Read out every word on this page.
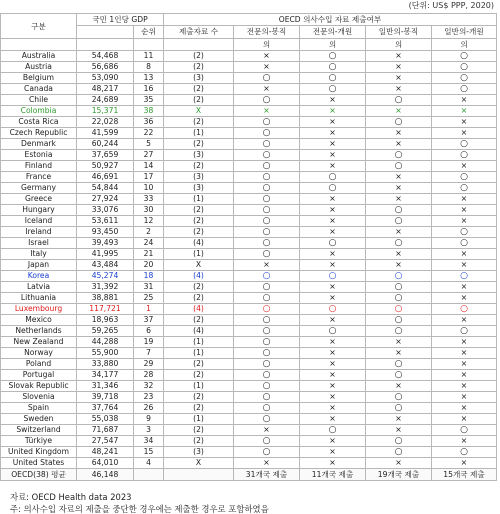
(단위: US$ PPP, 2020)
구분	국민 1인당 GDP		OECD 의사수입 자료 제출여부				
		순위	제출자료 수	전문의-봉직	전문의-개원	일반의-봉직	일반의-개원
				의	의	의	의
Australia	54,468	11	(2)	×	○	×	○
Austria	56,686	8	(2)	×	○	×	○
Belgium	53,090	13	(3)	○	○	×	○
Canada	48,217	16	(2)	×	○	×	○
Chile	24,689	35	(2)	○	×	○	×
Colombia	15,371	38	X	×	×	×	×
Costa Rica	22,028	36	(2)	○	×	○	×
Czech Republic	41,599	22	(1)	○	×	×	×
Denmark	60,244	5	(2)	○	×	×	○
Estonia	37,659	27	(3)	○	×	○	○
Finland	50,927	14	(2)	○	×	○	×
France	46,691	17	(3)	○	○	×	○
Germany	54,844	10	(3)	○	○	×	○
Greece	27,924	33	(1)	○	×	×	×
Hungary	33,076	30	(2)	○	×	○	×
Iceland	53,611	12	(2)	○	×	○	×
Ireland	93,450	2	(2)	○	×	×	○
Israel	39,493	24	(4)	○	○	○	○
Italy	41,995	21	(1)	○	×	×	×
Japan	43,484	20	X	×	×	×	×
Korea	45,274	18	(4)	○	○	○	○
Latvia	31,392	31	(2)	○	×	○	×
Lithuania	38,881	25	(2)	○	×	○	×
Luxembourg	117,721	1	(4)	○	○	○	○
Mexico	18,963	37	(2)	○	×	○	×
Netherlands	59,265	6	(4)	○	○	○	○
New Zealand	44,288	19	(1)	○	×	×	×
Norway	55,900	7	(1)	○	×	×	×
Poland	33,880	29	(2)	○	×	○	×
Portugal	34,177	28	(2)	○	×	○	×
Slovak Republic	31,346	32	(1)	○	×	×	×
Slovenia	39,718	23	(2)	○	×	○	×
Spain	37,764	26	(2)	○	×	○	×
Sweden	55,038	9	(1)	○	×	×	×
Switzerland	71,687	3	(2)	×	○	×	○
Türkiye	27,547	34	(2)	○	×	○	×
United Kingdom	48,241	15	(3)	○	×	○	○
United States	64,010	4	X	×	×	×	×
OECD(38) 평균	46,148			31개국 제출	11개국 제출	19개국 제출	15개국 제출
자료: OECD Health data 2023
주: 의사수입 자료의 제출을 중단한 경우에는 제출한 경우로 포함하였음
